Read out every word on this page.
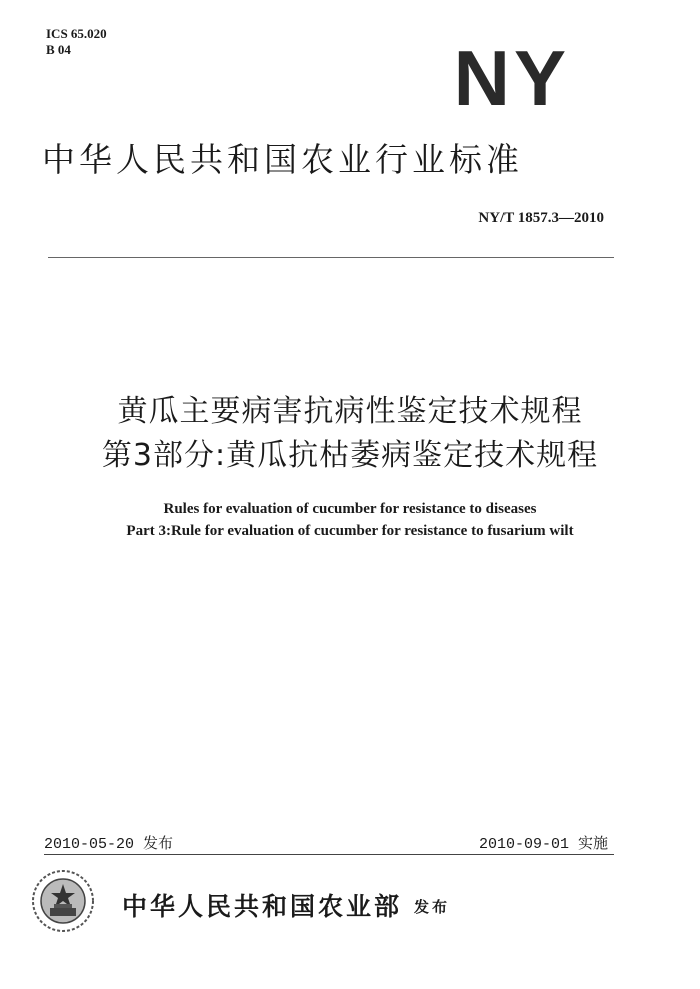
ICS 65.020
B 04	NY
中华人民共和国农业行业标准
NY/T 1857.3—2010
黄瓜主要病害抗病性鉴定技术规程
第3部分:黄瓜抗枯萎病鉴定技术规程
Rules for evaluation of cucumber for resistance to diseases
Part 3:Rule for evaluation of cucumber for resistance to fusarium wilt
2010-05-20 发布	2010-09-01 实施
中华人民共和国农业部 发布
